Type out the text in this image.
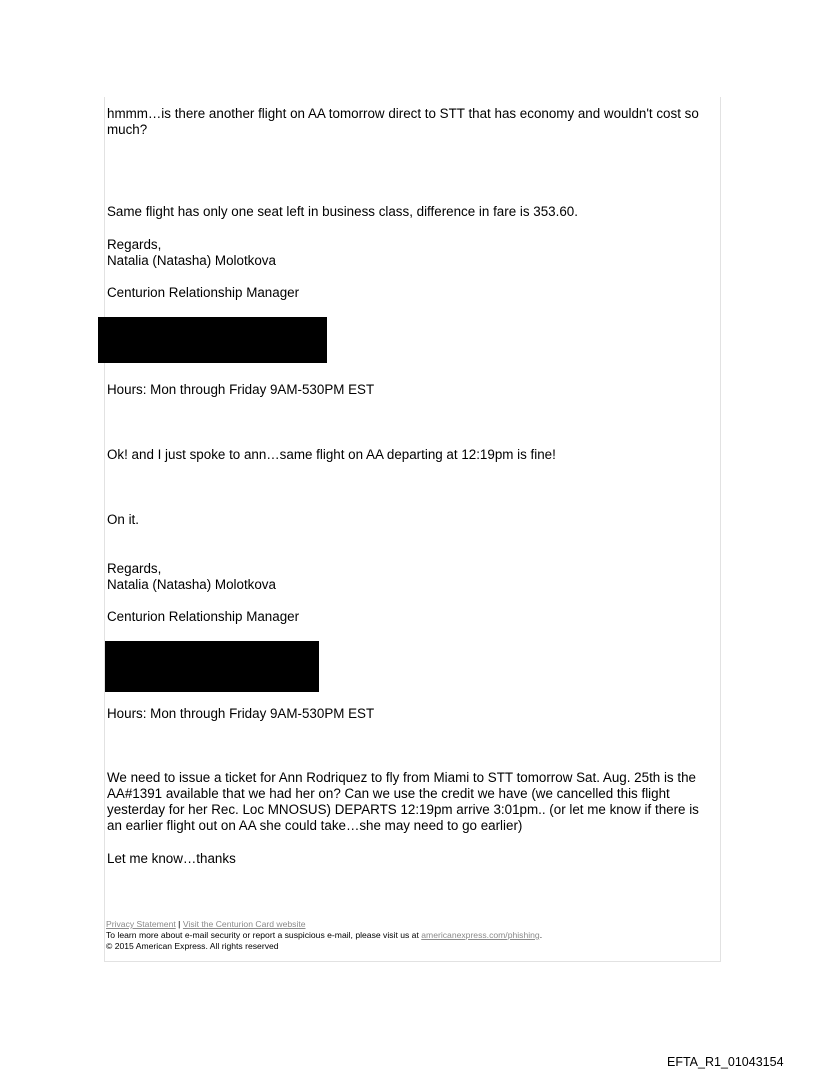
hmmm…is there another flight on AA tomorrow direct to STT that has economy and wouldn't cost so much?
Same flight has only one seat left in business class, difference in fare is 353.60.
Regards,
Natalia (Natasha) Molotkova
Centurion Relationship Manager
Hours: Mon through Friday 9AM-530PM EST
Ok! and I just spoke to ann…same flight on AA departing at 12:19pm is fine!
On it.
Regards,
Natalia (Natasha) Molotkova
Centurion Relationship Manager
Hours: Mon through Friday 9AM-530PM EST
We need to issue a ticket for Ann Rodriquez to fly from Miami to STT tomorrow Sat. Aug. 25th is the AA#1391 available that we had her on? Can we use the credit we have (we cancelled this flight yesterday for her Rec. Loc MNOSUS) DEPARTS 12:19pm arrive 3:01pm.. (or let me know if there is an earlier flight out on AA she could take…she may need to go earlier)
Let me know…thanks
Privacy Statement | Visit the Centurion Card website
To learn more about e-mail security or report a suspicious e-mail, please visit us at americanexpress.com/phishing.
© 2015 American Express. All rights reserved
EFTA_R1_01043154
